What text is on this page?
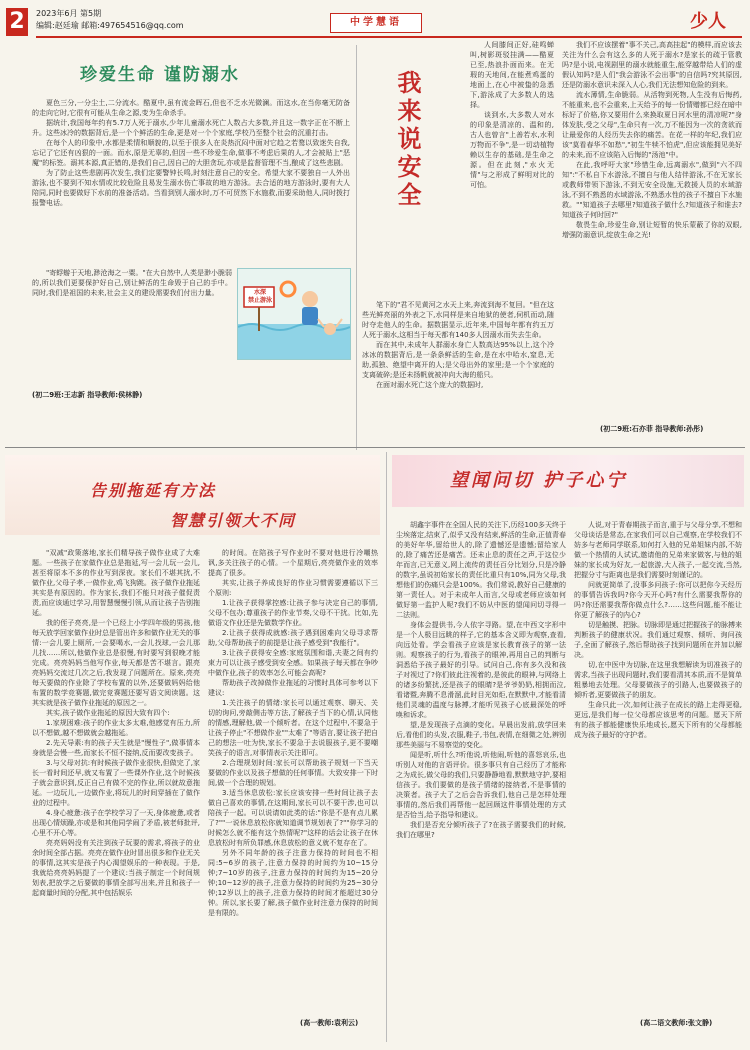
2	2023年6月 第5期
编辑:赵廷瑜 邮箱:497654516@qq.com	中学慧语	少人
珍爱生命 谨防溺水

夏色三分,一分尘土,二分流水。酷夏中,虽有流金晖石,但也不乏水光微澜。而这水,在当你毫无防备的走向它时,它很有可能从生命之源,变为生命杀手。

据统计,我国每年约有5.7万人死于溺水,少年儿童溺水死亡人数占大多数,并且这一数字正在不断上升。这些冰冷的数据背后,是一个个鲜活的生命,更是对一个个家庭,学校乃至整个社会的沉重打击。

在每个人的印象中,水都是柔情和顺貌的,以至于很多人在炎热沉闷中面对它趋之若鹜以致迷失自我,忘记了它还有凶狠的一面。而水,原是无辜的,但因一些不珍爱生命,做事不考虑后果的人,才会被贴上"恶魔"的标签。溺其本源,真正错的,是我们自己,因自己的大胆贪玩,亦或是监督管理不当,酿成了这些悲剧。

为了防止这些悲剧再次发生,我们定要警钟长鸣,时刻注意自己的安全。希望大家不要独自一人外出游泳,也不要到不知水情或比较危险且易发生溺水伤亡事故的地方游泳。去合适的地方游泳时,要有大人陪同,同时也要做好下水前的准备活动。当看到别人溺水时,万不可贸然下水施救,而要采助他人,同时拨打报警电话。

"寄蜉蝣于天地,渺沧海之一粟。"在大自然中,人类是渺小脆弱的,所以我们更要保护好自己,别让鲜活的生命毁于自己的手中。同时,我们是祖国的未来,社会主义的建设需要我们付出力量。	水深
禁止游泳
(初二9班:王志新 指导教师:侯林静)
我来说安全

人间膝间正好,硅鸣蝉叫,树影斑驳挂满——酷夏已至,热浪扑面而来。在无瑕的天地间,在能煮鸡蛋的地面上,在心中被蛰的急悉下,游泳成了大多数人的选择。

谈到水,大多数人对水的印象是清凉的、温和的,古人也曾言"上善若水,水利万物而不争",是一切动植物赖以生存的基础,是生命之源。但在此刻,"水火无情"与之形成了鲜明对比的可怕。

笔下的"君不见黄河之水天上来,奔流到海不复回。"但在这些光鲜亮丽的外表之下,水同样是来自地狱的使者,伺机而动,随时夺走他人的生命。据数据显示,近年来,中国每年都有约五万人死于溺水,这相当于每天都有140多人因溺水而失去生命。

而在其中,未成年人群溺水身亡人数高达95%以上,这个冷冰冰的数据背后,是一条条鲜活的生命,是在水中哈水,窒息,无助,孤独、绝望中离开的人;是父母出外的家里;是一个个家庭的支离破碎;是还未扬帆就被冲向大海的船只。

在面对溺水死亡这个庞大的数据时,

我们不应该摆着"事不关己,高高挂起"的模样,而应该去关注为什么会有这么多的人死于溺水?是家长的疏于管教吗?是小说,电视剧里的溺水就能重生,能穿越带给人们的虚假认知吗?是人们"我会游泳不会出事"的自信吗?究其原因,还是防溺水意识未深入人心,我们无法想知危险的到来。

流水薄情,生命脆弱。从活物到死物,人生没有后悔药,不能重来,也不会重来,上天给予的每一份情赠都已经在暗中标好了价格,你又要用什么来换取夏日河水里的清凉呢?"身体发肤,受之父母",生命只有一次,万不能因为一次的贪欲而让最爱你的人经历失去你的痛苦。在花一样的年纪,我们应该"莫看春华不如愁","初生牛犊不怕虎",但应该能拥见美好的未来,而不应该陷入后悔的"汤池"中。

在此,我呼吁大家"珍惜生命,远离溺水",做到"六不四知":"不私自下水游泳,不擅自与他人结伴游泳,不在无家长或教师带领下游泳,不到无安全设施,无救援人员的水域游泳,不到不熟悉的水域游泳,不熟悉水性的孩子不擅自下水施救。""知道孩子去哪里?知道孩子做什么?知道孩子和谁去?知道孩子何时回?"

敬畏生命,珍爱生命,别让短暂的快乐蒙蔽了你的双眼,增强防溺意识,绽放生命之光!

(初二9班:石亦菲 指导教师:孙彤)
告别拖延有方法
智慧引领大不同

"双减"政策落地,家长们精导孩子做作业成了大难题。一些孩子在家做作业总是拖延,写一会儿玩一会儿,甚至将原本不多的作业写到深夜。家长们不堪其扰,不做作业,父母子孝,一做作业,鸡飞狗跳。孩子做作业拖延其实是有原因的。作为家长,我们不能只对孩子催促责责,而应该通过学习,用智慧慢慢引领,从而让孩子告别拖延。

我的侄子亮亮,是一个已经上小学四年级的男孩,他每天放学回家做作业时总是管出许多和做作业无关的事情:一会儿要上厕所,一会要喝水,一会儿找球,一会儿那儿找……所以,他做作业总是很慢,有时要写到很晚才能完成。亮亮妈妈当他写作业,每天都是苦不堪言。跟亮亮妈妈交流过几次之后,我发现了问题所在。原来,亮亮每天要做的作业除了学校布置的以外,还要做妈妈给他布置的数学竞赛题,做完竞赛题还要写语文阅读题。这其实就是孩子做作业拖延的原因之一。

其实,孩子做作业拖延的原因大致有四个:

1.家规困难:孩子的作业太多太难,他感觉有压力,所以不想做,越不想做就会越拖延。

2.先天导素:有的孩子天生就是"慢性子",做事情本身就是会慢一些,而家长不恒不接纳,反而要改变孩子。

3.与父母对抗:有时候孩子做作业很快,但做完了,家长一看时间还早,就又布置了一些课外作业,这个时候孩子就会意识到,反正自己有做不完的作业,所以就故意拖延。一边玩儿,一边做作业,将玩儿的时间穿插在了做作业的过程中。

4.身心疲惫:孩子在学校学习了一天,身体疲惫,或者出现心情烦躁,亦或是和其他同学闹了矛盾,被老师批评,心里不开心等。

亮亮妈妈没有关注到孩子玩要的需求,将孩子的业余时间全部占据。亮亮在做作业时冒出很多和作业无关的事情,这其实是孩子内心渴望娱乐的一种表现。于是,我就给亮亮妈妈提了一个建议:当孩子制定一个时间规划表,把放学之后要做的事情全部写出来,并且和孩子一起商量时间的分配,其中包括娱乐

的时间。在陪孩子写作业时不要对他进行冷嘲热讽,多关注孩子的心情。一个星期后,亮亮做作业的效率提高了很多。

其实,让孩子养成良好的作业习惯需要遵循以下三个原则:

1.让孩子获得掌控感:让孩子参与决定自己的事情,父母不包办;尊重孩子的作业节奏,父母不干扰。比如,先做语文作业还是先做数学作业。

2.让孩子获得成就感:孩子遇到困难向父母寻求帮助,父母帮助孩子的前提是让孩子感受到"我能行"。

3.让孩子获得安全感:家庭氛围和谐,夫妻之间有约束力可以让孩子感受到安全感。如果孩子每天都在争吵中做作业,孩子的效率怎么可能会高呢?

帮助孩子改掉做作业拖延的习惯时具体可参考以下建议:

1.关注孩子的情绪:家长可以通过观察、聊天、关切的询问,旁敲侧击等方法,了解孩子当下的心情,认同他的情感,理解他,做一个倾听者。在这个过程中,不要急于让孩子停止"不想做作业""太难了"等语言,要让孩子把自己的想法一吐为快,家长不要急于去说服孩子,更不要嘲笑孩子的语言,对事情表示关注即可。

2.合理规划时间:家长可以帮助孩子规划一下当天要做的作业以及孩子想做的任何事情。大致安排一下时间,做一个合理的规划。

3.适当休息放松:家长应该安排一些时间让孩子去做自己喜欢的事情,在这期间,家长可以不要干涉,也可以陪孩子一起。可以说请如此类的话:"你是不是有点儿累了?""一说休息放松你就知道调节规划表了?""你学习的时候怎么就不能有这个热情呢?"这样的话会让孩子在休息放松时有所负罪感,休息放松的意义就不复存在了。

另外不同年龄的孩子注意力保持的时间也不相同:5~6岁的孩子,注意力保持的时间约为10~15分钟;7~10岁的孩子,注意力保持的时间约为15~20分钟;10~12岁的孩子,注意力保持的时间约为25~30分钟;12岁以上的孩子,注意力保持的时间才能超过30分钟。所以,家长要了解,孩子做作业时注意力保持的时间是有限的。

(高一教师:袁利云)
望闻问切 护子心宁

胡鑫宇事件在全国人民的关注下,历经100多天终于尘埃落定,结束了,似乎又没有结束,鲜活的生命,正值青春的美好年华,留给世人的,除了遗憾还是遗憾;留给家人的,除了痛苦还是痛苦。还未止息的责任之声,于这位少年而言,已无意义,网上流传的责任百分比划分,只是冷静的数字,虽说初始家长的责任比重只有10%,同为父母,我想他们的伤痛只会是100%。我们常说,教好自己健康的第一责任人。对于未成年人而言,父母或老师应该如何做好第一监护人呢?我们不妨从中医的望闻问切寻得一二法则。

身体会提供书,今人依字寻路。望,在中西文字形中是一个人极目远眺的样子,它的基本含义即为观察,查看,向远处看。学会看孩子应该是家长教育孩子的第一法则。观察孩子的行为,看孩子的眼神,再用自己的判断与洞悉给予孩子最好的引导。试问自己,你有多久没和孩子对视过了?你们彼此注视着的,是彼此的眼神,与网络上的诸多纷繁扰,还是孩子的眼睛?是爷爷奶奶,相拥而泣,看诸暨,奔腾不息滑溜,此时目光如炬,在默默中,才能看清他们灵魂的温度与脉搏,才能听见孩子心底最深处的呼唤和诉求。

望,是发现孩子点滴的变化。早晨出发前,放学回来后,看他们的头发,衣服,鞋子,书包,表情,在细微之处,辨别那些美丽与不易察觉的变化。

闻是听,听什么?听他说,听他闹,听他的喜怒哀乐,也听别人对他的言语评价。很多事只有自己经历了才能称之为成长,做父母的我们,只要静静地看,默默地守护,要相信孩子。我们要做的是孩子情绪的接纳者,不是事情的决策者。孩子大了之后会告诉我们,他自己是怎样处理事情的,然后我们再帮他一起回顾这件事情处理的方式是否恰当,给予指导和建议。

我们是否充分倾听孩子了?在孩子需要我们的时候,我们在哪里?

人说,对于青春期孩子而言,重于与父母分享,不想和父母谈话是常态,在家我们可以自己观察,在学校我们不妨多与老师同学联系,如何打入他的兄弟姐妹内部,不妨做一个热情的人试试,邀请他的兄弟来家做客,与他的姐妹的家长成为好友,一起旅游,大人孩子,一起交流,当然,把握分寸与距离也是我们需要时刻谨记的。

问就更简单了,没事多问孩子:你可以把你今天经历的事情告诉我吗?你今天开心吗?有什么需要我帮你的吗?你还需要我帮你做点什么?……这些问题,能不能让你更了解孩子的内心?

切是触摸、把脉。切脉即是通过把握孩子的脉搏来判断孩子的健康状况。我们通过观察、倾听、询问孩子,全面了解孩子,然后帮助孩子找到问题所在并加以解决。

切,在中医中为切脉,在这里我想解读为切准孩子的需求,当孩子出现问题时,我们要看清其本质,而不是简单粗暴地去处理。父母要做孩子的引路人,也要做孩子的倾听者,更要做孩子的朋友。

生命只此一次,如何让孩子在成长的路上走得更稳,更远,是我们每一位父母都应该思考的问题。愿天下所有的孩子都能健康快乐地成长,愿天下所有的父母都能成为孩子最好的守护者。

(高二语文教师:张文静)
